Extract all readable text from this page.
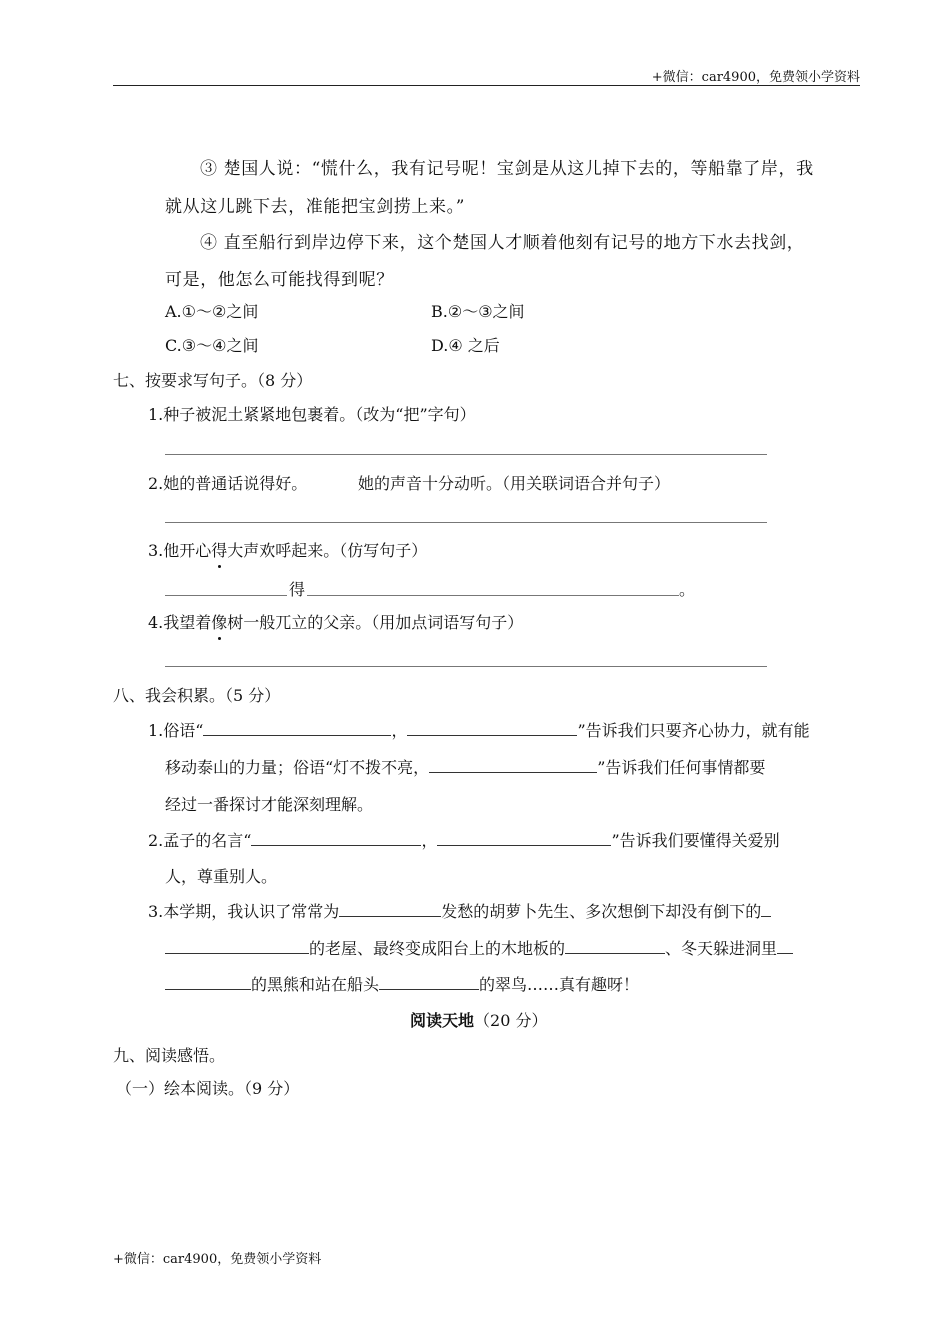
+微信：car4900，免费领小学资料
③ 楚国人说：“慌什么，我有记号呢！宝剑是从这儿掉下去的，等船靠了岸，我
就从这儿跳下去，准能把宝剑捞上来。”
④ 直至船行到岸边停下来，这个楚国人才顺着他刻有记号的地方下水去找剑，
可是，他怎么可能找得到呢？
A.①～②之间	B.②～③之间
C.③～④之间	D.④ 之后
七、按要求写句子。（8 分）
1.种子被泥土紧紧地包裹着。（改为“把”字句）
2.她的普通话说得好。	她的声音十分动听。（用关联词语合并句子）
3.他开心得大声欢呼起来。（仿写句子）
得	。
4.我望着像树一般兀立的父亲。（用加点词语写句子）
八、我会积累。（5 分）
1.俗语“	，	”告诉我们只要齐心协力，就有能
移动泰山的力量；俗语“灯不拨不亮，	”告诉我们任何事情都要
经过一番探讨才能深刻理解。
2.孟子的名言“	，	”告诉我们要懂得关爱别
人，尊重别人。
3.本学期，我认识了常常为	发愁的胡萝卜先生、多次想倒下却没有倒下的
的老屋、最终变成阳台上的木地板的	、冬天躲进洞里
的黑熊和站在船头	的翠鸟……真有趣呀！
阅读天地（20 分）
九、阅读感悟。
（一）绘本阅读。（9 分）
+微信：car4900，免费领小学资料
